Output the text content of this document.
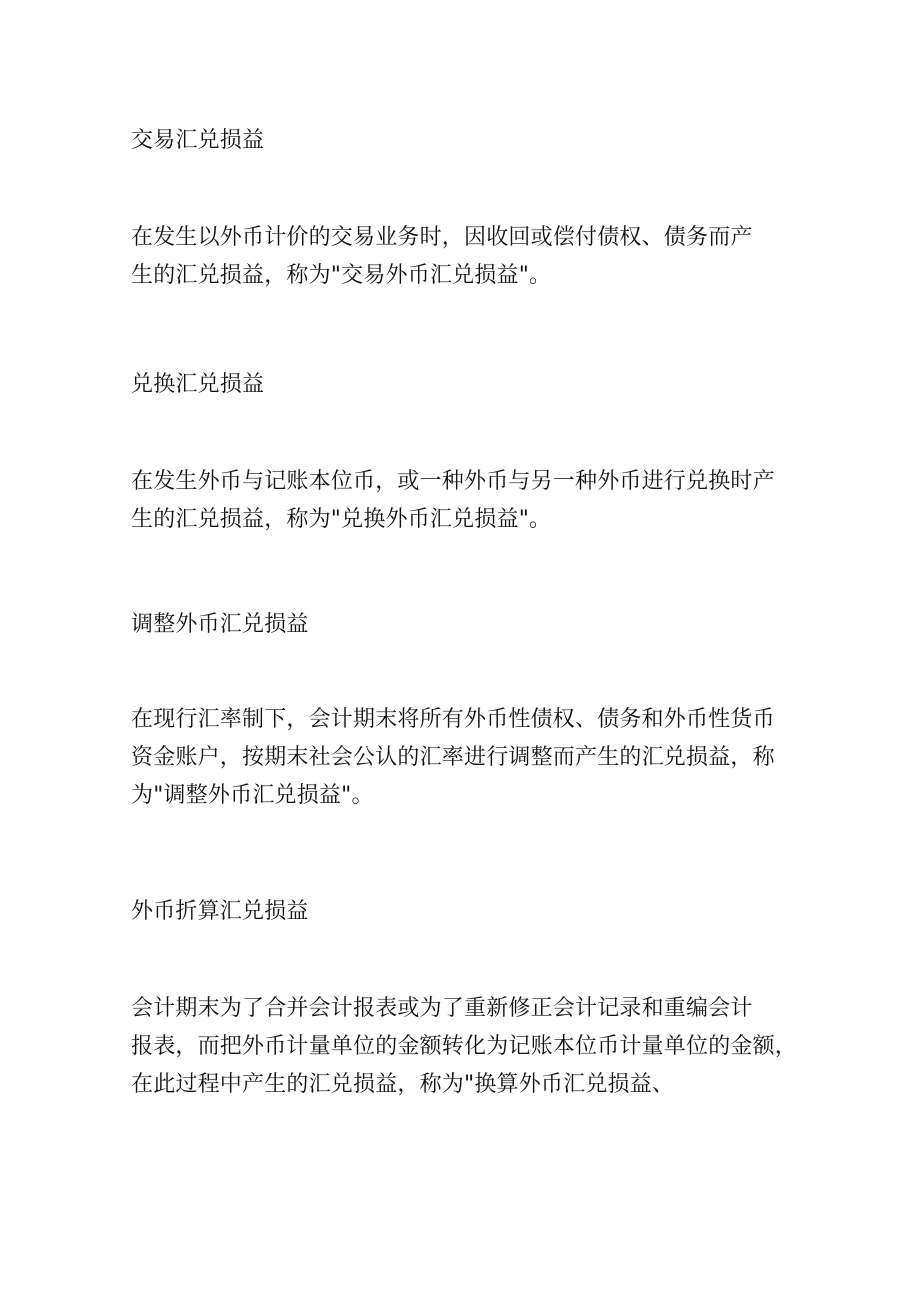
交易汇兑损益
在发生以外币计价的交易业务时，因收回或偿付债权、债务而产
生的汇兑损益，称为"交易外币汇兑损益"。
兑换汇兑损益
在发生外币与记账本位币，或一种外币与另一种外币进行兑换时产
生的汇兑损益，称为"兑换外币汇兑损益"。
调整外币汇兑损益
在现行汇率制下，会计期末将所有外币性债权、债务和外币性货币
资金账户，按期末社会公认的汇率进行调整而产生的汇兑损益，称
为"调整外币汇兑损益"。
外币折算汇兑损益
会计期末为了合并会计报表或为了重新修正会计记录和重编会计
报表，而把外币计量单位的金额转化为记账本位币计量单位的金额，
在此过程中产生的汇兑损益，称为"换算外币汇兑损益、
